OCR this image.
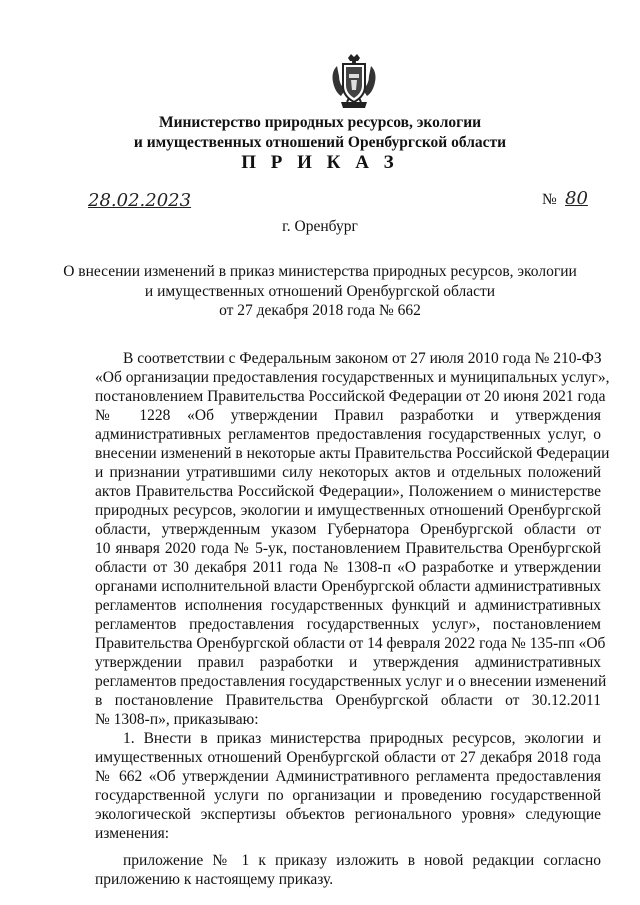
Министерство природных ресурсов, экологии
и имущественных отношений Оренбургской области
П Р И К А З
28.02.2023	№ 80
г. Оренбург
О внесении изменений в приказ министерства природных ресурсов, экологии
и имущественных отношений Оренбургской области
от 27 декабря 2018 года № 662
В соответствии с Федеральным законом от 27 июля 2010 года № 210-ФЗ
«Об организации предоставления государственных и муниципальных услуг»,
постановлением Правительства Российской Федерации от 20 июня 2021 года
№ 1228 «Об утверждении Правил разработки и утверждения
административных регламентов предоставления государственных услуг, о
внесении изменений в некоторые акты Правительства Российской Федерации
и признании утратившими силу некоторых актов и отдельных положений
актов Правительства Российской Федерации», Положением о министерстве
природных ресурсов, экологии и имущественных отношений Оренбургской
области, утвержденным указом Губернатора Оренбургской области от
10 января 2020 года № 5-ук, постановлением Правительства Оренбургской
области от 30 декабря 2011 года № 1308-п «О разработке и утверждении
органами исполнительной власти Оренбургской области административных
регламентов исполнения государственных функций и административных
регламентов предоставления государственных услуг», постановлением
Правительства Оренбургской области от 14 февраля 2022 года № 135-пп «Об
утверждении правил разработки и утверждения административных
регламентов предоставления государственных услуг и о внесении изменений
в постановление Правительства Оренбургской области от 30.12.2011
№ 1308-п», приказываю:
1. Внести в приказ министерства природных ресурсов, экологии и
имущественных отношений Оренбургской области от 27 декабря 2018 года
№ 662 «Об утверждении Административного регламента предоставления
государственной услуги по организации и проведению государственной
экологической экспертизы объектов регионального уровня» следующие
изменения:
приложение № 1 к приказу изложить в новой редакции согласно
приложению к настоящему приказу.
